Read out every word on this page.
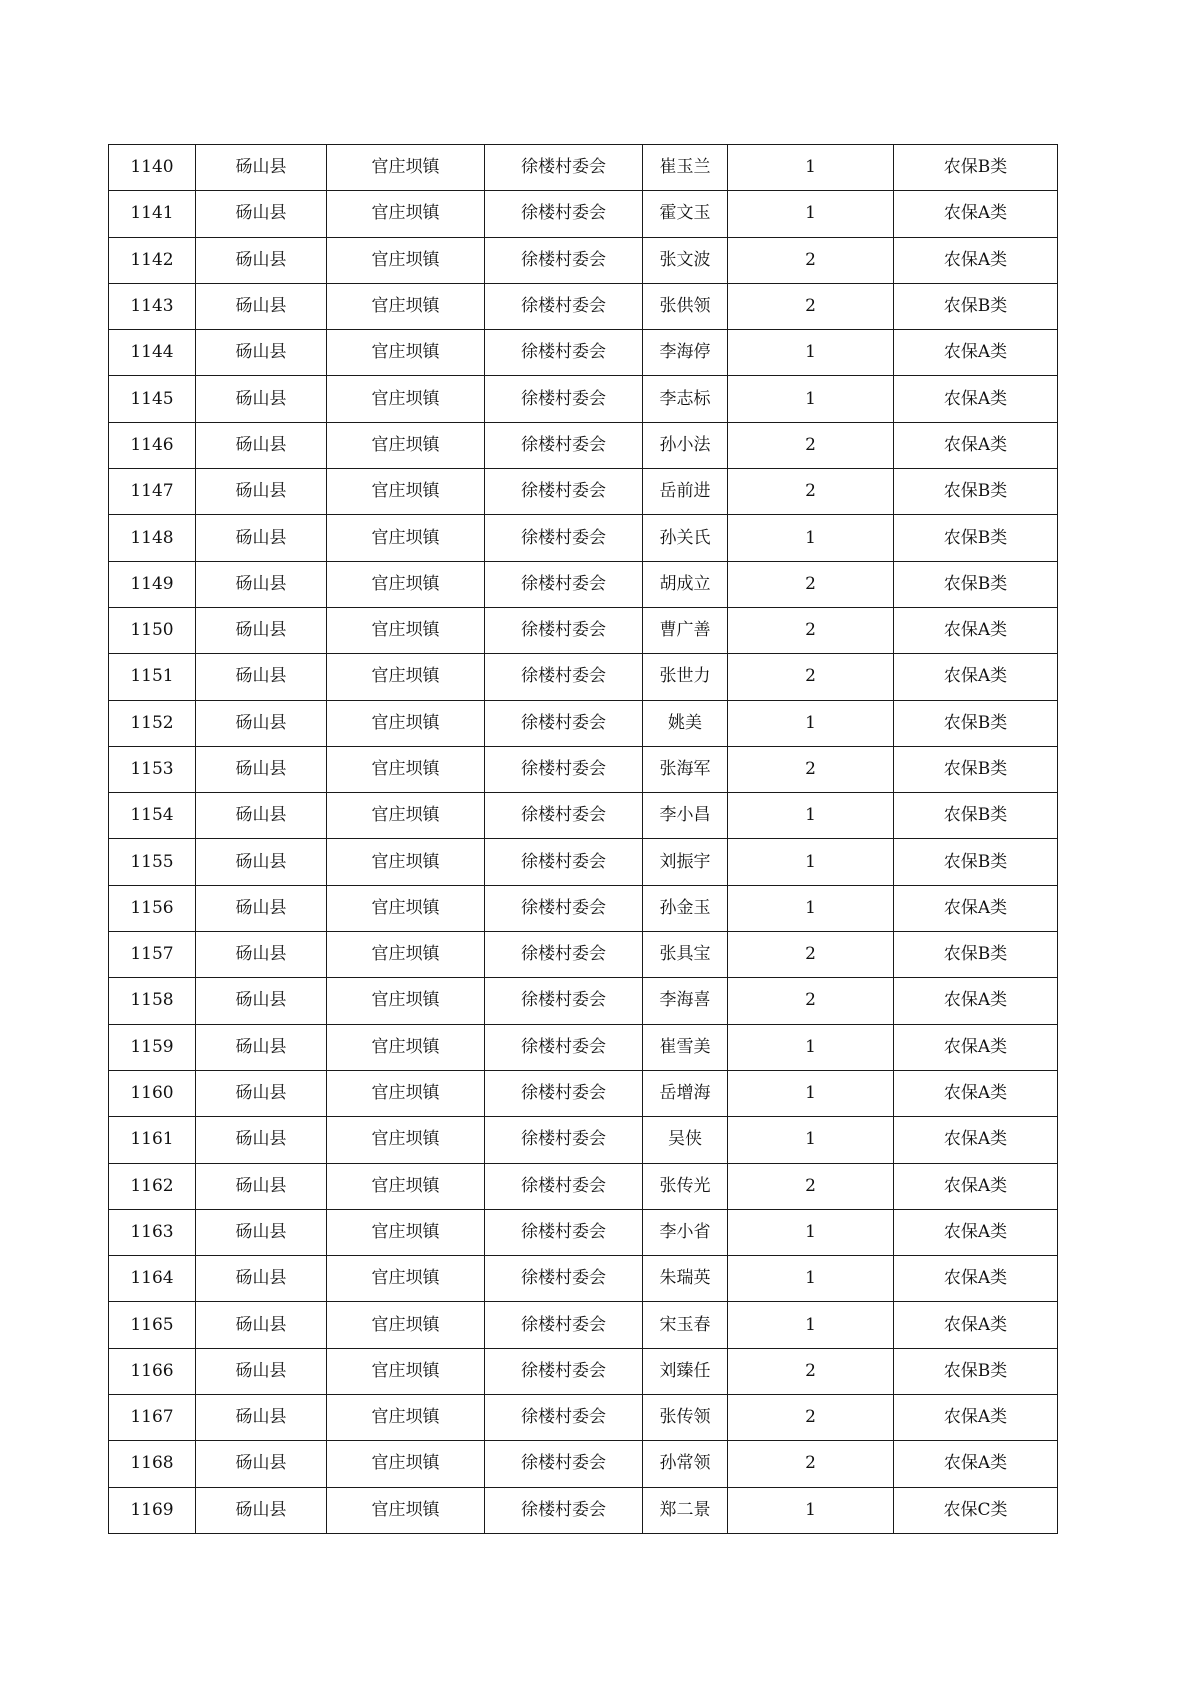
1140	砀山县	官庄坝镇	徐楼村委会	崔玉兰	1	农保B类
1141	砀山县	官庄坝镇	徐楼村委会	霍文玉	1	农保A类
1142	砀山县	官庄坝镇	徐楼村委会	张文波	2	农保A类
1143	砀山县	官庄坝镇	徐楼村委会	张供领	2	农保B类
1144	砀山县	官庄坝镇	徐楼村委会	李海停	1	农保A类
1145	砀山县	官庄坝镇	徐楼村委会	李志标	1	农保A类
1146	砀山县	官庄坝镇	徐楼村委会	孙小法	2	农保A类
1147	砀山县	官庄坝镇	徐楼村委会	岳前进	2	农保B类
1148	砀山县	官庄坝镇	徐楼村委会	孙关氏	1	农保B类
1149	砀山县	官庄坝镇	徐楼村委会	胡成立	2	农保B类
1150	砀山县	官庄坝镇	徐楼村委会	曹广善	2	农保A类
1151	砀山县	官庄坝镇	徐楼村委会	张世力	2	农保A类
1152	砀山县	官庄坝镇	徐楼村委会	姚美	1	农保B类
1153	砀山县	官庄坝镇	徐楼村委会	张海军	2	农保B类
1154	砀山县	官庄坝镇	徐楼村委会	李小昌	1	农保B类
1155	砀山县	官庄坝镇	徐楼村委会	刘振宇	1	农保B类
1156	砀山县	官庄坝镇	徐楼村委会	孙金玉	1	农保A类
1157	砀山县	官庄坝镇	徐楼村委会	张具宝	2	农保B类
1158	砀山县	官庄坝镇	徐楼村委会	李海喜	2	农保A类
1159	砀山县	官庄坝镇	徐楼村委会	崔雪美	1	农保A类
1160	砀山县	官庄坝镇	徐楼村委会	岳增海	1	农保A类
1161	砀山县	官庄坝镇	徐楼村委会	吴侠	1	农保A类
1162	砀山县	官庄坝镇	徐楼村委会	张传光	2	农保A类
1163	砀山县	官庄坝镇	徐楼村委会	李小省	1	农保A类
1164	砀山县	官庄坝镇	徐楼村委会	朱瑞英	1	农保A类
1165	砀山县	官庄坝镇	徐楼村委会	宋玉春	1	农保A类
1166	砀山县	官庄坝镇	徐楼村委会	刘臻任	2	农保B类
1167	砀山县	官庄坝镇	徐楼村委会	张传领	2	农保A类
1168	砀山县	官庄坝镇	徐楼村委会	孙常领	2	农保A类
1169	砀山县	官庄坝镇	徐楼村委会	郑二景	1	农保C类
